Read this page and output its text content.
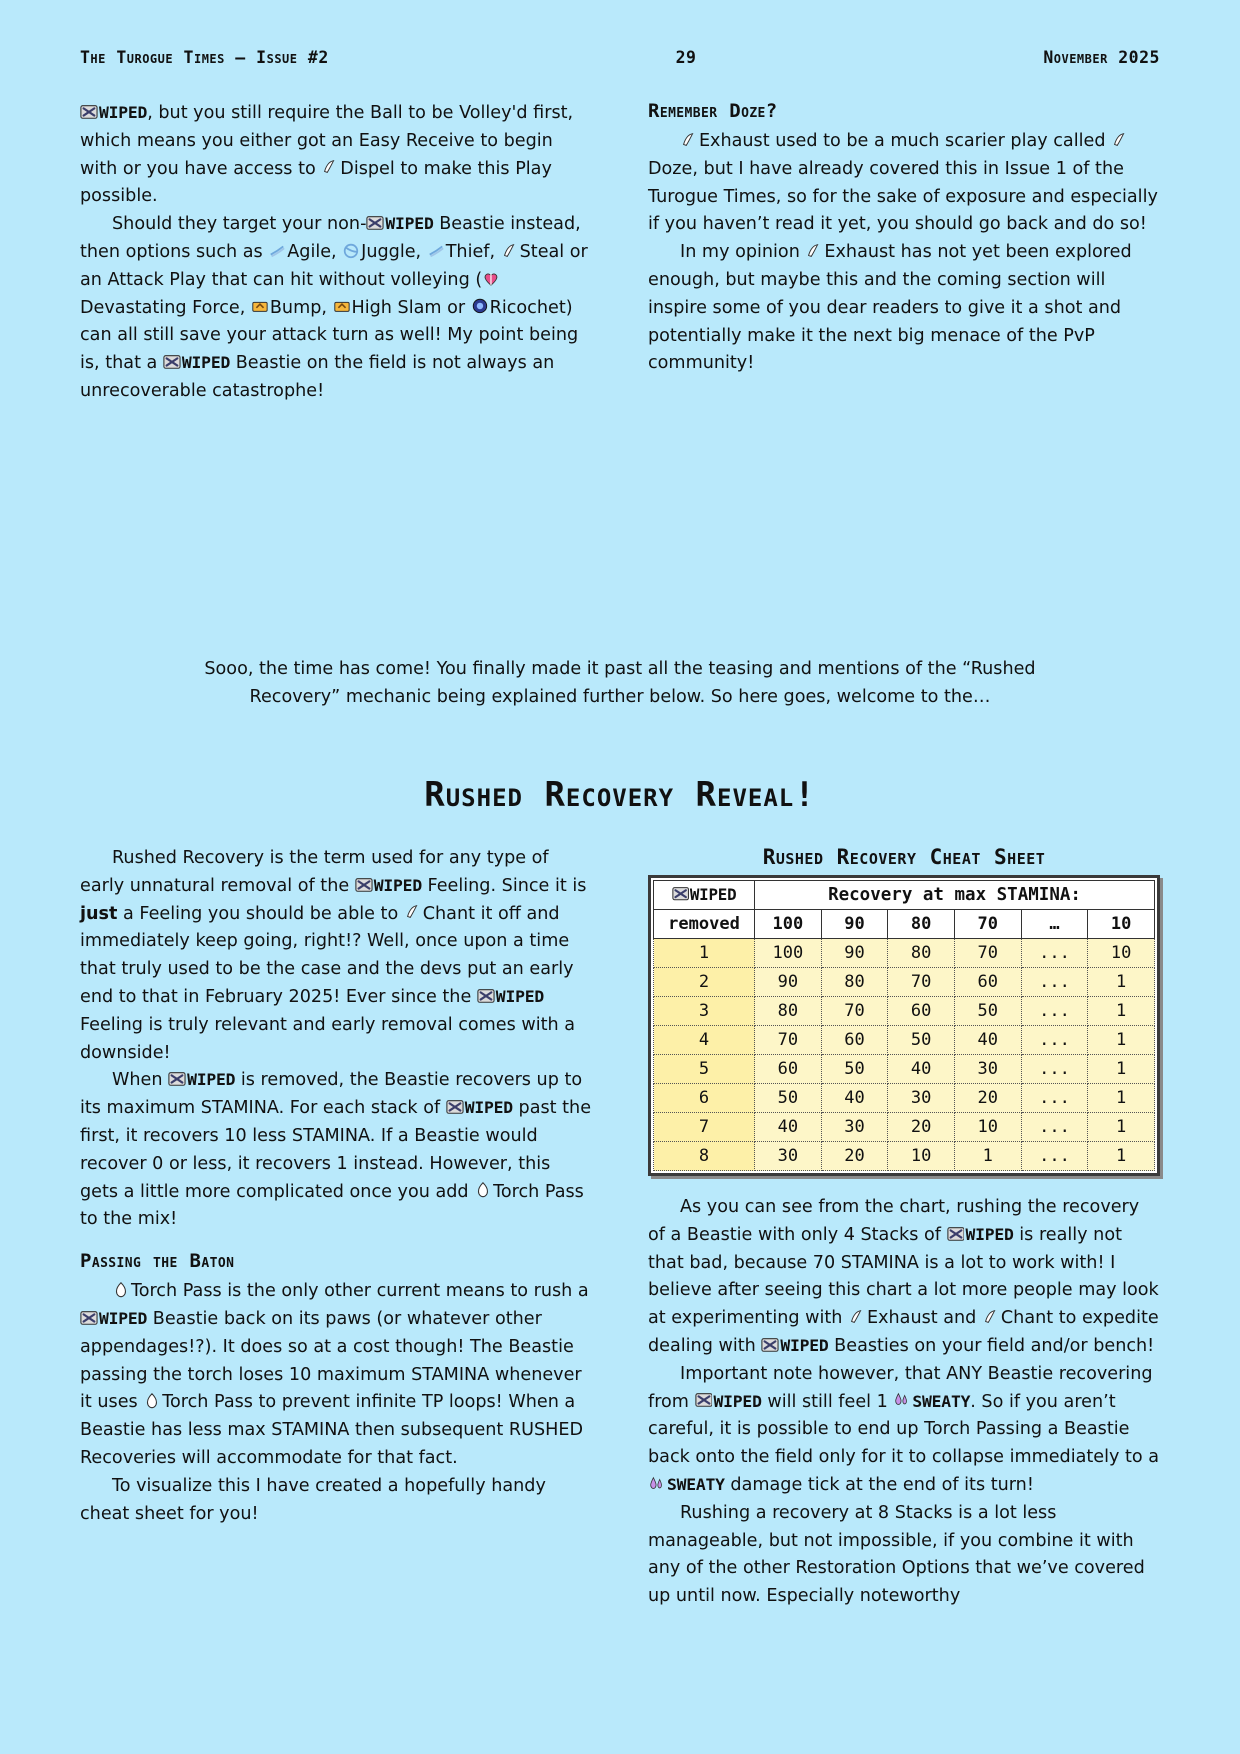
The Turogue Times — Issue #2	29	November 2025

WIPED, but you still require the Ball to be Volley'd first, which means you either got an Easy Receive to begin with or you have access to
Dispel to make this Play possible.

Should they target your non- WIPED Beastie instead, then options such as
Agile,
Juggle,
Thief,
Steal or an Attack Play that can hit without volleying (
Devastating Force,
Bump,
High Slam or
Ricochet) can all still save your attack turn as well! My point being is, that a
WIPED Beastie on the field is not always an unrecoverable catastrophe!

Remember Doze?

Exhaust used to be a much scarier play called
Doze, but I have already covered this in Issue 1 of the Turogue Times, so for the sake of exposure and especially if you haven’t read it yet, you should go back and do so!

In my opinion
Exhaust has not yet been explored enough, but maybe this and the coming section will inspire some of you dear readers to give it a shot and potentially make it the next big menace of the PvP community!

Sooo, the time has come! You finally made it past all the teasing and mentions of the “Rushed Recovery” mechanic being explained further below. So here goes, welcome to the…
Rushed Recovery Reveal!

Rushed Recovery is the term used for any type of early unnatural removal of the
WIPED Feeling. Since it is just a Feeling you should be able to
Chant it off and immediately keep going, right!? Well, once upon a time that truly used to be the case and the devs put an early end to that in February 2025! Ever since the
WIPED Feeling is truly relevant and early removal comes with a downside!

When
WIPED is removed, the Beastie recovers up to its maximum STAMINA. For each stack of
WIPED past the first, it recovers 10 less STAMINA. If a Beastie would recover 0 or less, it recovers 1 instead. However, this gets a little more complicated once you add
Torch Pass to the mix!

Passing the Baton

Torch Pass is the only other current means to rush a
WIPED Beastie back on its paws (or whatever other appendages!?). It does so at a cost though! The Beastie passing the torch loses 10 maximum STAMINA whenever it uses
Torch Pass to prevent infinite TP loops! When a Beastie has less max STAMINA then subsequent RUSHED Recoveries will accommodate for that fact.

To visualize this I have created a hopefully handy cheat sheet for you!

Rushed Recovery Cheat Sheet
WIPED	Recovery at max STAMINA:					
removed	100	90	80	70	…	10
1	100	90	80	70	...	10
2	90	80	70	60	...	1
3	80	70	60	50	...	1
4	70	60	50	40	...	1
5	60	50	40	30	...	1
6	50	40	30	20	...	1
7	40	30	20	10	...	1
8	30	20	10	1	...	1

As you can see from the chart, rushing the recovery of a Beastie with only 4 Stacks of
WIPED is really not that bad, because 70 STAMINA is a lot to work with! I believe after seeing this chart a lot more people may look at experimenting with
Exhaust and
Chant to expedite dealing with
WIPED Beasties on your field and/or bench!

Important note however, that ANY Beastie recovering from
WIPED will still feel 1
SWEATY. So if you aren’t careful, it is possible to end up Torch Passing a Beastie back onto the field only for it to collapse immediately to a
SWEATY damage tick at the end of its turn!

Rushing a recovery at 8 Stacks is a lot less manageable, but not impossible, if you combine it with any of the other Restoration Options that we’ve covered up until now. Especially noteworthy
